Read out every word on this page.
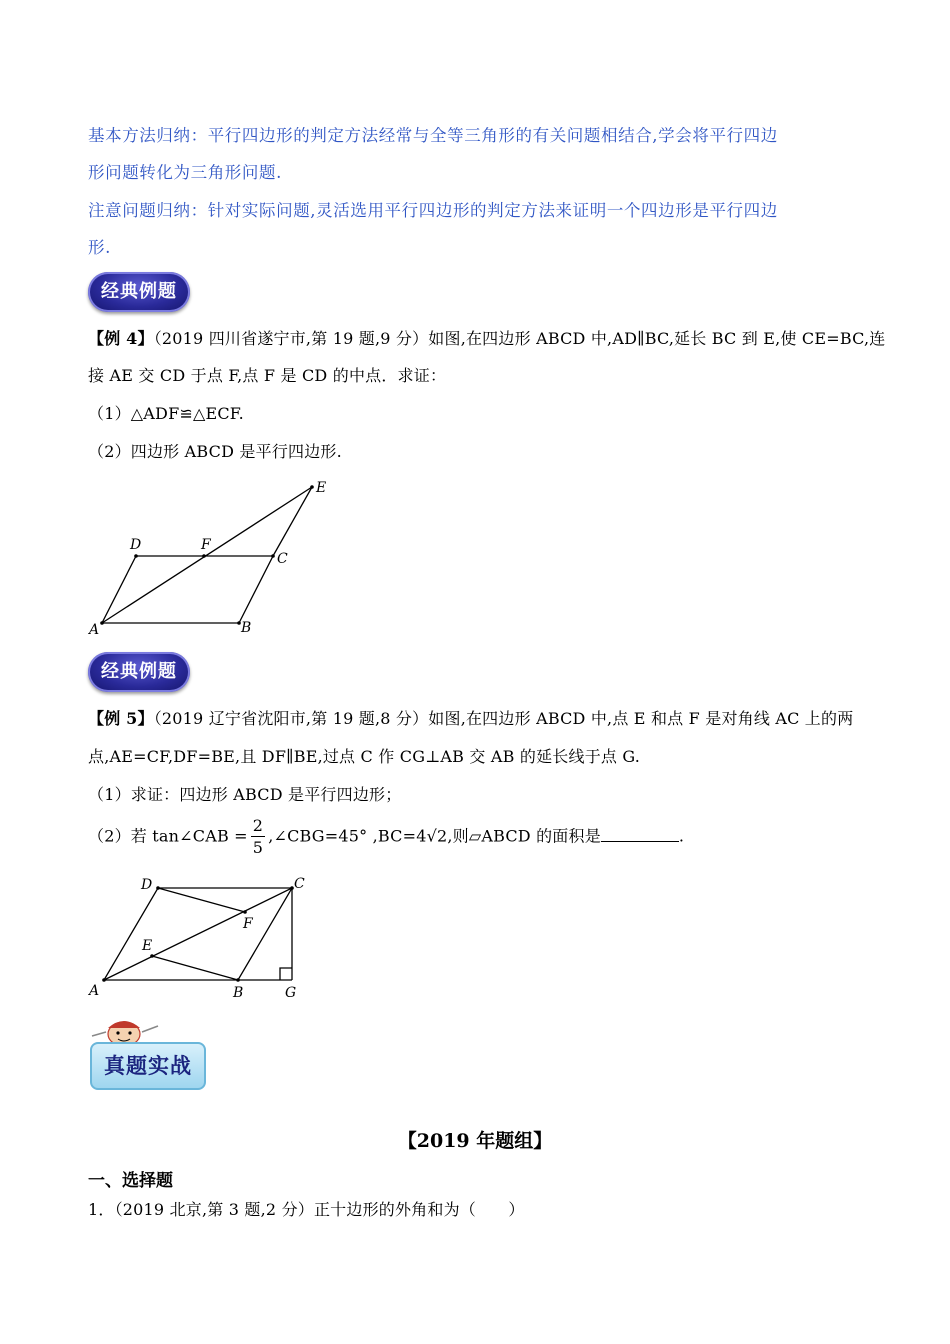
基本方法归纳：平行四边形的判定方法经常与全等三角形的有关问题相结合,学会将平行四边
形问题转化为三角形问题.
注意问题归纳：针对实际问题,灵活选用平行四边形的判定方法来证明一个四边形是平行四边
形.
经典例题
【例 4】（2019 四川省遂宁市,第 19 题,9 分）如图,在四边形 ABCD 中,AD∥BC,延长 BC 到 E,使 CE=BC,连
接 AE 交 CD 于点 F,点 F 是 CD 的中点．求证：
（1）△ADF≌△ECF.
（2）四边形 ABCD 是平行四边形.
A	B
C
D
E
F
经典例题
【例 5】（2019 辽宁省沈阳市,第 19 题,8 分）如图,在四边形 ABCD 中,点 E 和点 F 是对角线 AC 上的两
点,AE=CF,DF=BE,且 DF∥BE,过点 C 作 CG⊥AB 交 AB 的延长线于点 G.
（1）求证：四边形 ABCD 是平行四边形；
（2）若 tan∠CAB = $\frac{2}{5}$ ,∠CBG=45° ,BC=4√2,则▱ABCD 的面积是	.
A	B
C
D
E
F
G
真题实战
【2019 年题组】
一、选择题
1．（2019 北京,第 3 题,2 分）正十边形的外角和为（　　）
